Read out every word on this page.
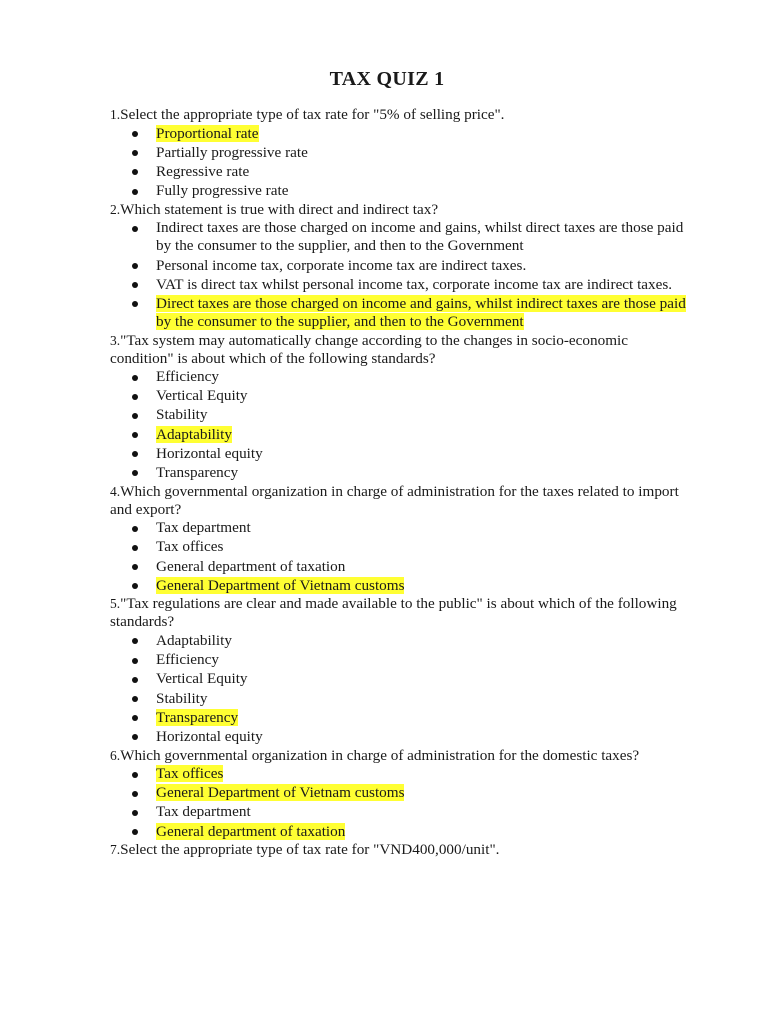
TAX QUIZ 1

1.Select the appropriate type of tax rate for "5% of selling price".

Proportional rate
Partially progressive rate
Regressive rate
Fully progressive rate

2.Which statement is true with direct and indirect tax?

Indirect taxes are those charged on income and gains, whilst direct taxes are those paid by the consumer to the supplier, and then to the Government
Personal income tax, corporate income tax are indirect taxes.
VAT is direct tax whilst personal income tax, corporate income tax are indirect taxes.
Direct taxes are those charged on income and gains, whilst indirect taxes are those paid by the consumer to the supplier, and then to the Government

3."Tax system may automatically change according to the changes in socio-economic condition" is about which of the following standards?

Efficiency
Vertical Equity
Stability
Adaptability
Horizontal equity
Transparency

4.Which governmental organization in charge of administration for the taxes related to import and export?

Tax department
Tax offices
General department of taxation
General Department of Vietnam customs

5."Tax regulations are clear and made available to the public" is about which of the following standards?

Adaptability
Efficiency
Vertical Equity
Stability
Transparency
Horizontal equity

6.Which governmental organization in charge of administration for the domestic taxes?

Tax offices
General Department of Vietnam customs
Tax department
General department of taxation

7.Select the appropriate type of tax rate for "VND400,000/unit".
